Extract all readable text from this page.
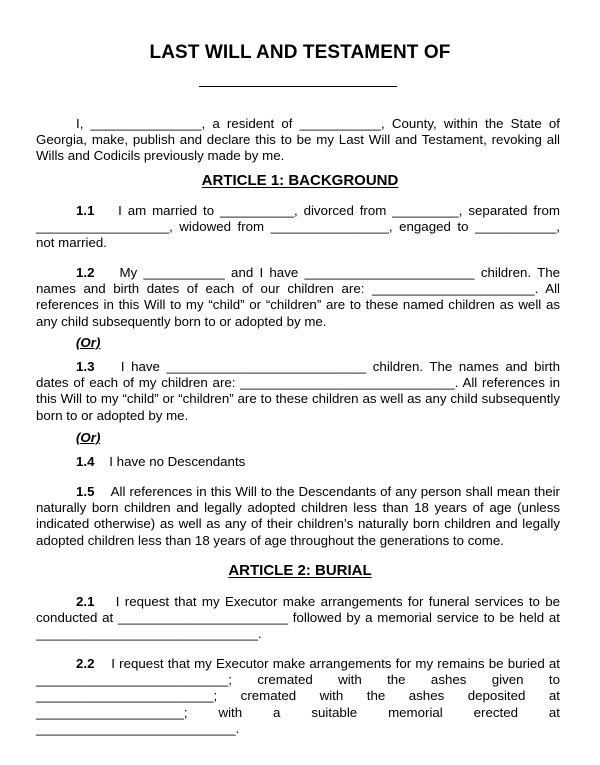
LAST WILL AND TESTAMENT OF
I, _______________, a resident of ___________, County, within the State of Georgia, make, publish and declare this to be my Last Will and Testament, revoking all Wills and Codicils previously made by me.
ARTICLE 1: BACKGROUND
1.1 I am married to __________, divorced from _________, separated from __________________, widowed from ________________, engaged to ___________, not married.
1.2 My ___________ and I have _______________________ children. The names and birth dates of each of our children are: ______________________. All references in this Will to my “child” or “children” are to these named children as well as any child subsequently born to or adopted by me.
(Or)
1.3 I have ___________________________ children. The names and birth dates of each of my children are: _____________________________. All references in this Will to my “child” or “children” are to these children as well as any child subsequently born to or adopted by me.
(Or)
1.4 I have no Descendants
1.5 All references in this Will to the Descendants of any person shall mean their naturally born children and legally adopted children less than 18 years of age (unless indicated otherwise) as well as any of their children’s naturally born children and legally adopted children less than 18 years of age throughout the generations to come.
ARTICLE 2: BURIAL
2.1 I request that my Executor make arrangements for funeral services to be conducted at _______________________ followed by a memorial service to be held at ______________________________.
2.2 I request that my Executor make arrangements for my remains be buried at __________________________; cremated with the ashes given to ________________________; cremated with the ashes deposited at ____________________; with a suitable memorial erected at ___________________________.
